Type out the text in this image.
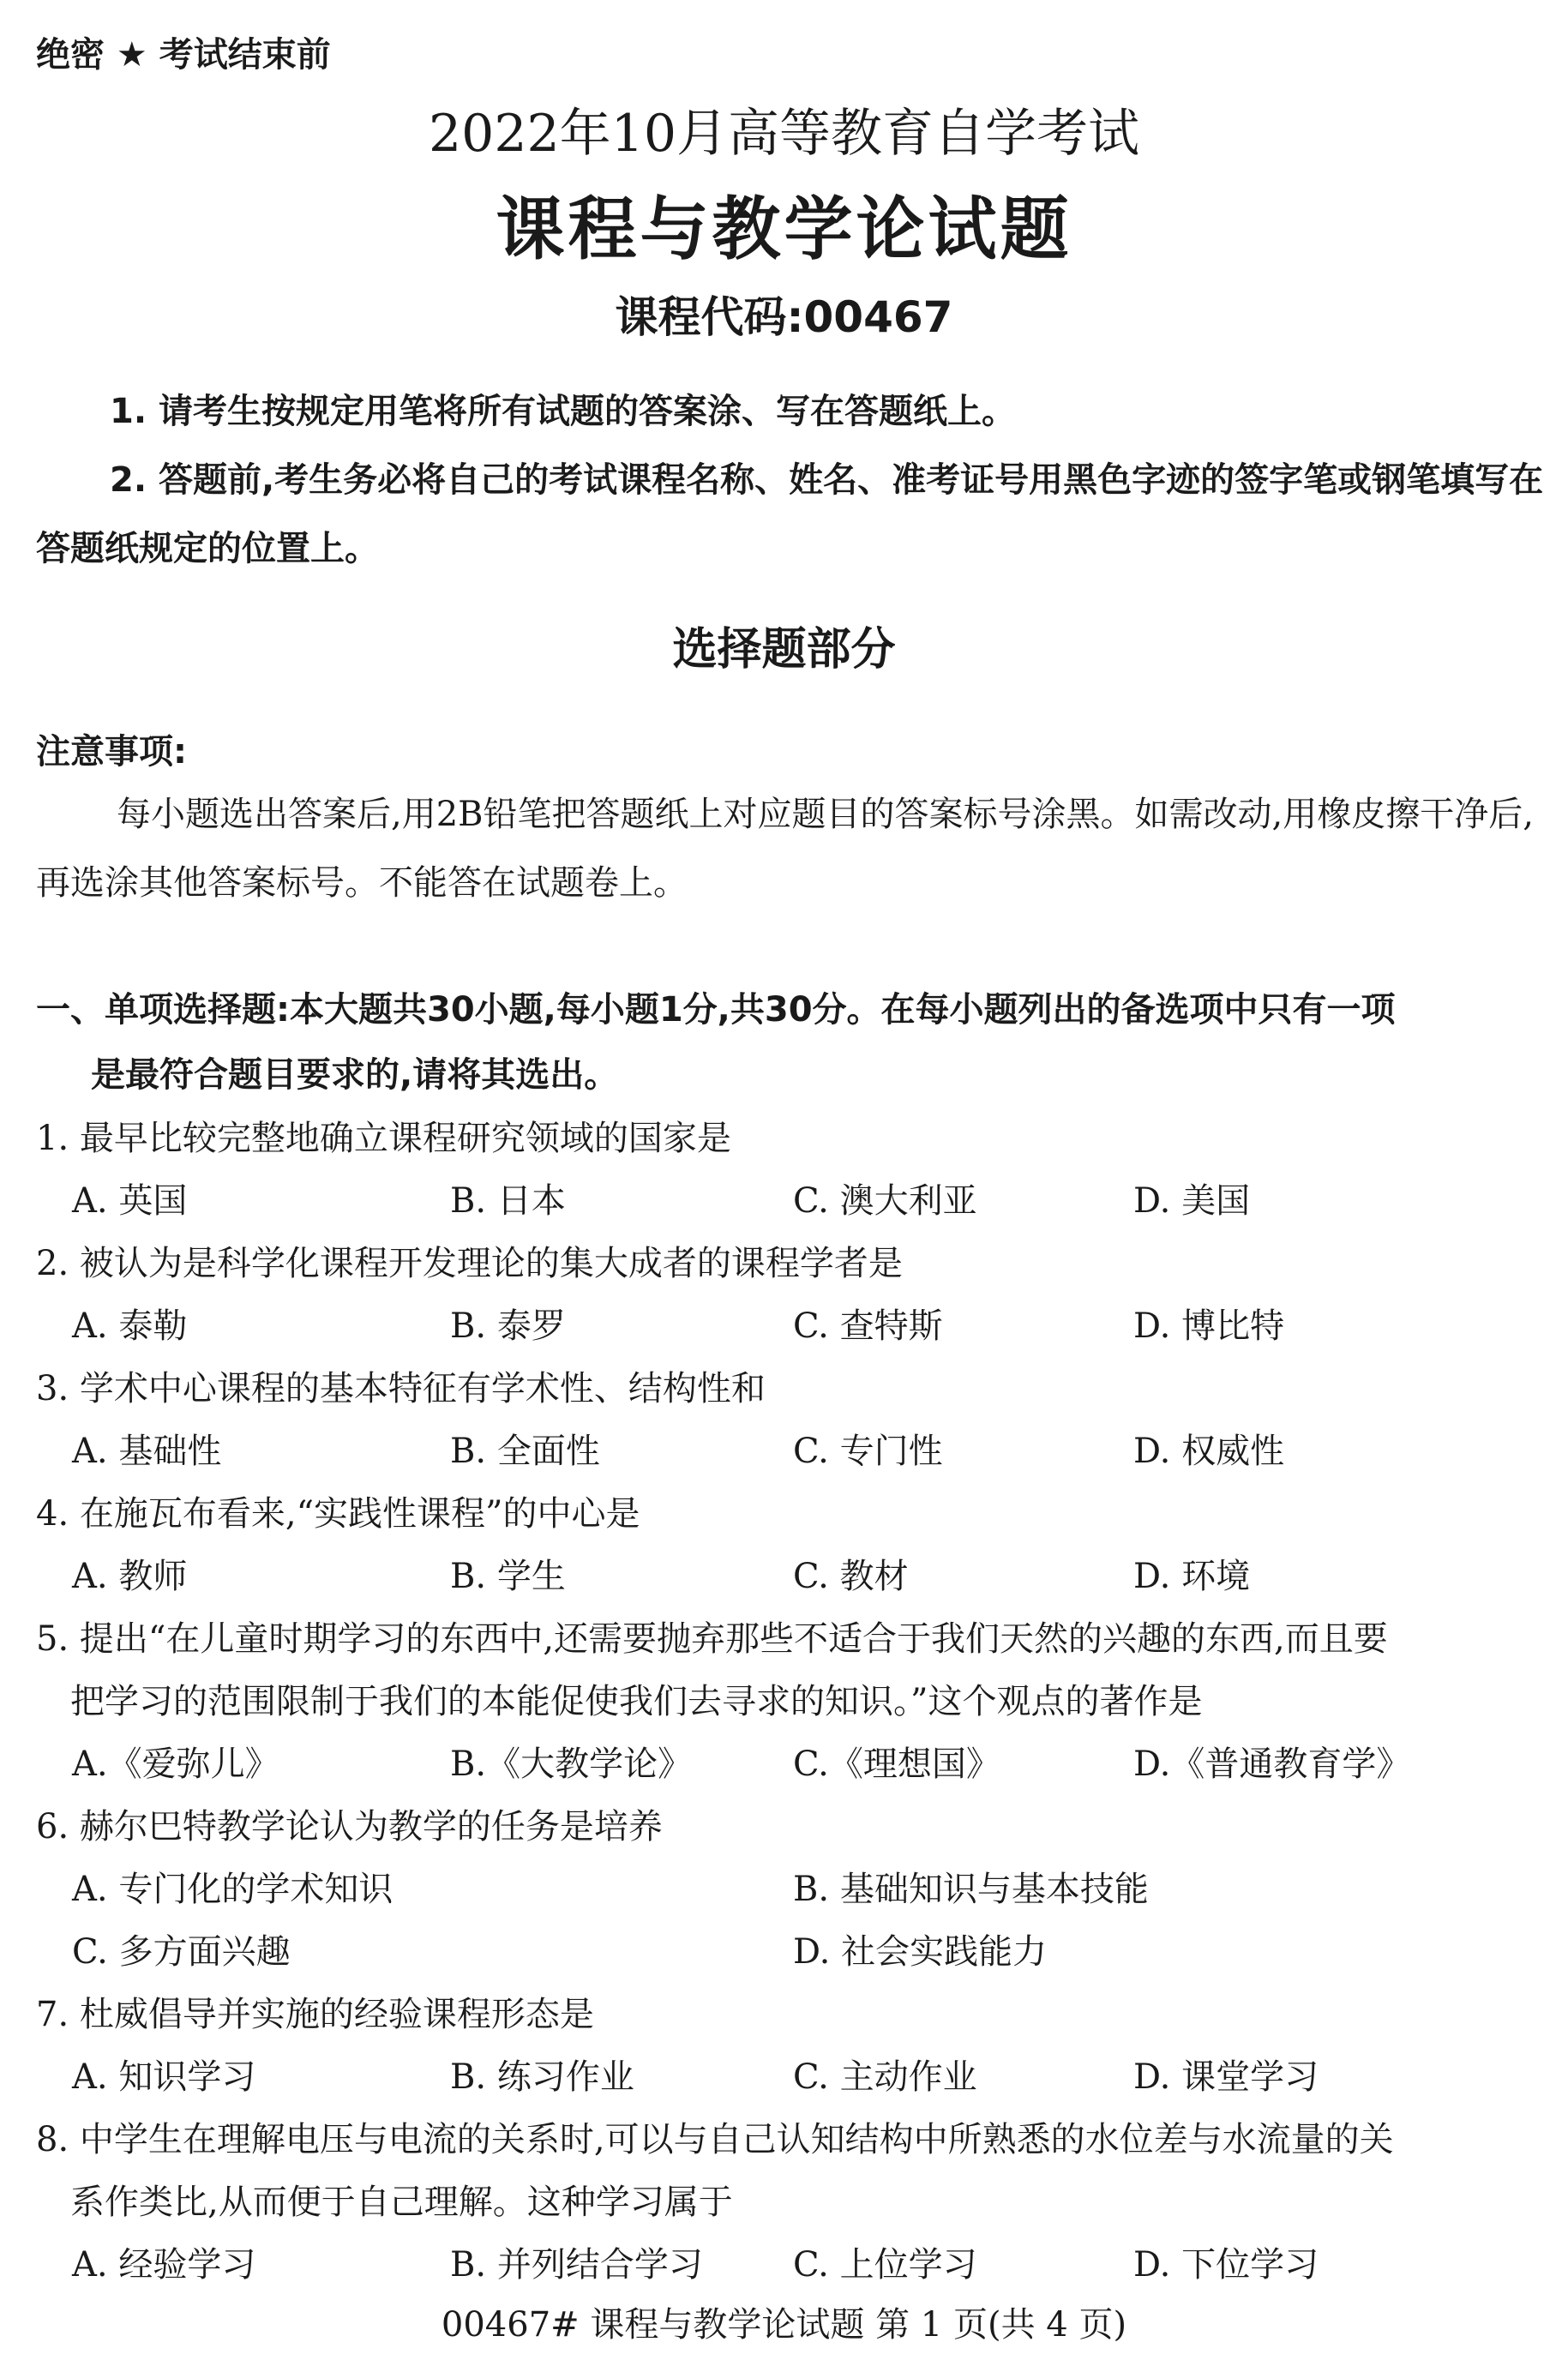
绝密 ★ 考试结束前
2022年10月高等教育自学考试
课程与教学论试题
课程代码:00467
1. 请考生按规定用笔将所有试题的答案涂、写在答题纸上。
2. 答题前,考生务必将自己的考试课程名称、姓名、准考证号用黑色字迹的签字笔或钢笔填写在答题纸规定的位置上。
选择题部分
注意事项:
每小题选出答案后,用2B铅笔把答题纸上对应题目的答案标号涂黑。如需改动,用橡皮擦干净后,再选涂其他答案标号。不能答在试题卷上。
一、单项选择题:本大题共30小题,每小题1分,共30分。在每小题列出的备选项中只有一项
是最符合题目要求的,请将其选出。
1. 最早比较完整地确立课程研究领域的国家是
A. 英国	B. 日本	C. 澳大利亚	D. 美国
2. 被认为是科学化课程开发理论的集大成者的课程学者是
A. 泰勒	B. 泰罗	C. 查特斯	D. 博比特
3. 学术中心课程的基本特征有学术性、结构性和
A. 基础性	B. 全面性	C. 专门性	D. 权威性
4. 在施瓦布看来,“实践性课程”的中心是
A. 教师	B. 学生	C. 教材	D. 环境
5. 提出“在儿童时期学习的东西中,还需要抛弃那些不适合于我们天然的兴趣的东西,而且要
把学习的范围限制于我们的本能促使我们去寻求的知识。”这个观点的著作是
A.《爱弥儿》	B.《大教学论》	C.《理想国》	D.《普通教育学》
6. 赫尔巴特教学论认为教学的任务是培养
A. 专门化的学术知识	B. 基础知识与基本技能
C. 多方面兴趣	D. 社会实践能力
7. 杜威倡导并实施的经验课程形态是
A. 知识学习	B. 练习作业	C. 主动作业	D. 课堂学习
8. 中学生在理解电压与电流的关系时,可以与自己认知结构中所熟悉的水位差与水流量的关
系作类比,从而便于自己理解。这种学习属于
A. 经验学习	B. 并列结合学习	C. 上位学习	D. 下位学习
00467# 课程与教学论试题 第 1 页(共 4 页)
